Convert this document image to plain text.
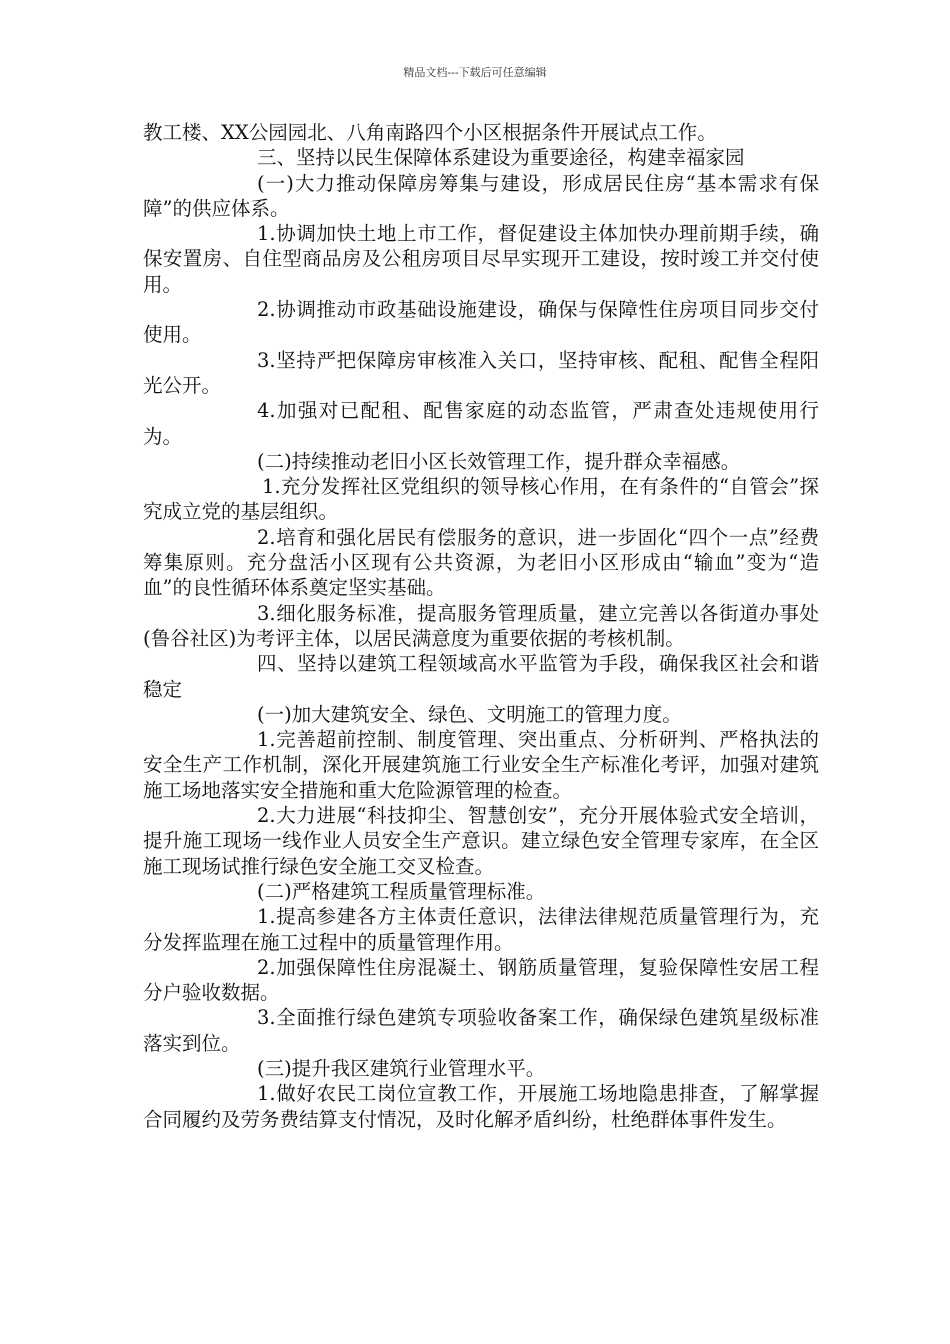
精品文档---下载后可任意编辑

教工楼、XX公园园北、八角南路四个小区根据条件开展试点工作。

三、坚持以民生保障体系建设为重要途径，构建幸福家园

(一)大力推动保障房筹集与建设，形成居民住房“基本需求有保障”的供应体系。

1.协调加快土地上市工作，督促建设主体加快办理前期手续，确保安置房、自住型商品房及公租房项目尽早实现开工建设，按时竣工并交付使用。

2.协调推动市政基础设施建设，确保与保障性住房项目同步交付使用。

3.坚持严把保障房审核准入关口，坚持审核、配租、配售全程阳光公开。

4.加强对已配租、配售家庭的动态监管，严肃查处违规使用行为。

(二)持续推动老旧小区长效管理工作，提升群众幸福感。

1.充分发挥社区党组织的领导核心作用，在有条件的“自管会”探究成立党的基层组织。

2.培育和强化居民有偿服务的意识，进一步固化“四个一点”经费筹集原则。充分盘活小区现有公共资源，为老旧小区形成由“输血”变为“造血”的良性循环体系奠定坚实基础。

3.细化服务标准，提高服务管理质量，建立完善以各街道办事处(鲁谷社区)为考评主体，以居民满意度为重要依据的考核机制。

四、坚持以建筑工程领域高水平监管为手段，确保我区社会和谐稳定

(一)加大建筑安全、绿色、文明施工的管理力度。

1.完善超前控制、制度管理、突出重点、分析研判、严格执法的安全生产工作机制，深化开展建筑施工行业安全生产标准化考评，加强对建筑施工场地落实安全措施和重大危险源管理的检查。

2.大力进展“科技抑尘、智慧创安”，充分开展体验式安全培训，提升施工现场一线作业人员安全生产意识。建立绿色安全管理专家库，在全区施工现场试推行绿色安全施工交叉检查。

(二)严格建筑工程质量管理标准。

1.提高参建各方主体责任意识，法律法律规范质量管理行为，充分发挥监理在施工过程中的质量管理作用。

2.加强保障性住房混凝土、钢筋质量管理，复验保障性安居工程分户验收数据。

3.全面推行绿色建筑专项验收备案工作，确保绿色建筑星级标准落实到位。

(三)提升我区建筑行业管理水平。

1.做好农民工岗位宣教工作，开展施工场地隐患排查，了解掌握合同履约及劳务费结算支付情况，及时化解矛盾纠纷，杜绝群体事件发生。
